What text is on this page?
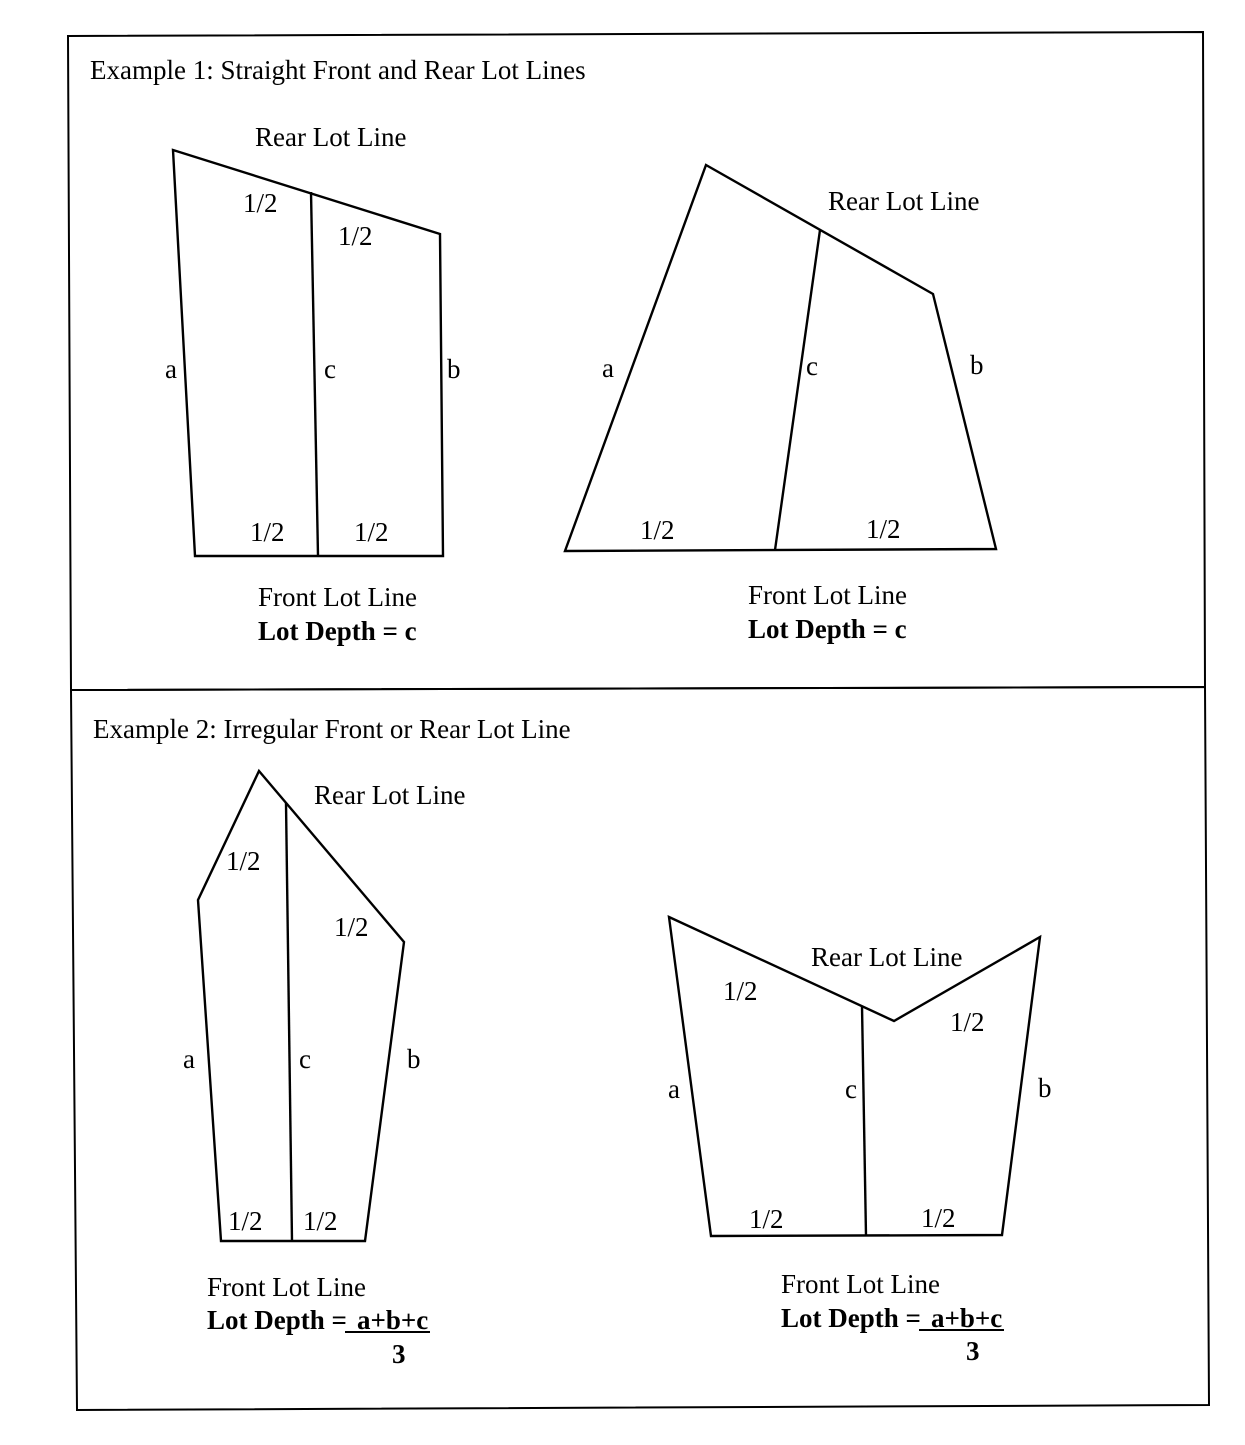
Example 1: Straight Front and Rear Lot Lines
Rear Lot Line
1/2
1/2
a	c	b
1/2	1/2
Front Lot Line
Lot Depth = c
Rear Lot Line
a	c	b
1/2	1/2
Front Lot Line
Lot Depth = c
Example 2: Irregular Front or Rear Lot Line
Rear Lot Line
1/2
1/2
a	c	b
1/2 1/2
Front Lot Line
Lot Depth = a+b+c
3
Rear Lot Line
1/2
1/2
a	c	b
1/2	1/2
Front Lot Line
Lot Depth = a+b+c
3
